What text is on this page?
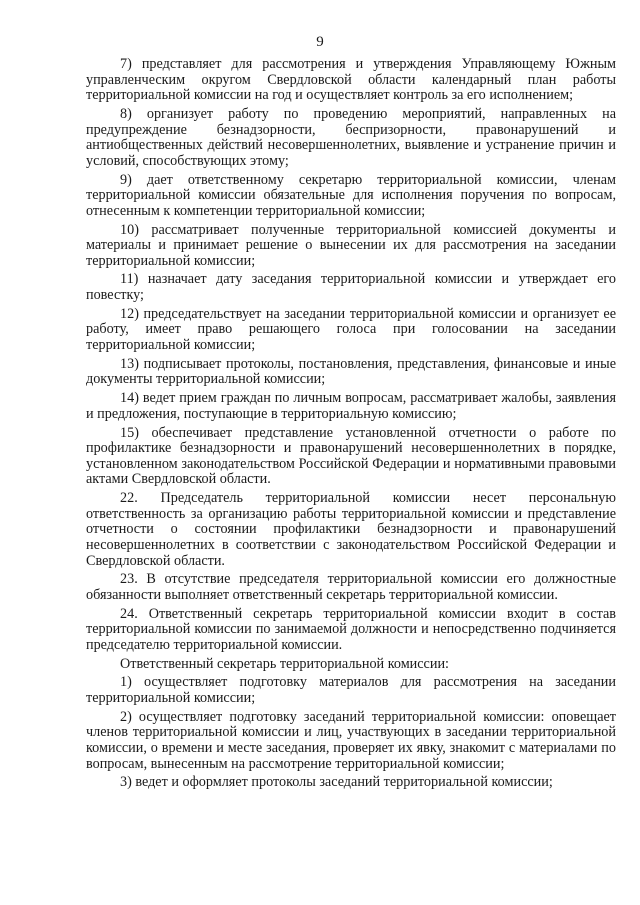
9

7) представляет для рассмотрения и утверждения Управляющему Южным управленческим округом Свердловской области календарный план работы территориальной комиссии на год и осуществляет контроль за его исполнением;

8) организует работу по проведению мероприятий, направленных на предупреждение безнадзорности, беспризорности, правонарушений и антиобщественных действий несовершеннолетних, выявление и устранение причин и условий, способствующих этому;

9) дает ответственному секретарю территориальной комиссии, членам территориальной комиссии обязательные для исполнения поручения по вопросам, отнесенным к компетенции территориальной комиссии;

10) рассматривает полученные территориальной комиссией документы и материалы и принимает решение о вынесении их для рассмотрения на заседании территориальной комиссии;

11) назначает дату заседания территориальной комиссии и утверждает его повестку;

12) председательствует на заседании территориальной комиссии и организует ее работу, имеет право решающего голоса при голосовании на заседании территориальной комиссии;

13) подписывает протоколы, постановления, представления, финансовые и иные документы территориальной комиссии;

14) ведет прием граждан по личным вопросам, рассматривает жалобы, заявления и предложения, поступающие в территориальную комиссию;

15) обеспечивает представление установленной отчетности о работе по профилактике безнадзорности и правонарушений несовершеннолетних в порядке, установленном законодательством Российской Федерации и нормативными правовыми актами Свердловской области.

22. Председатель территориальной комиссии несет персональную ответственность за организацию работы территориальной комиссии и представление отчетности о состоянии профилактики безнадзорности и правонарушений несовершеннолетних в соответствии с законодательством Российской Федерации и Свердловской области.

23. В отсутствие председателя территориальной комиссии его должностные обязанности выполняет ответственный секретарь территориальной комиссии.

24. Ответственный секретарь территориальной комиссии входит в состав территориальной комиссии по занимаемой должности и непосредственно подчиняется председателю территориальной комиссии.

Ответственный секретарь территориальной комиссии:

1) осуществляет подготовку материалов для рассмотрения на заседании территориальной комиссии;

2) осуществляет подготовку заседаний территориальной комиссии: оповещает членов территориальной комиссии и лиц, участвующих в заседании территориальной комиссии, о времени и месте заседания, проверяет их явку, знакомит с материалами по вопросам, вынесенным на рассмотрение территориальной комиссии;

3) ведет и оформляет протоколы заседаний территориальной комиссии;
